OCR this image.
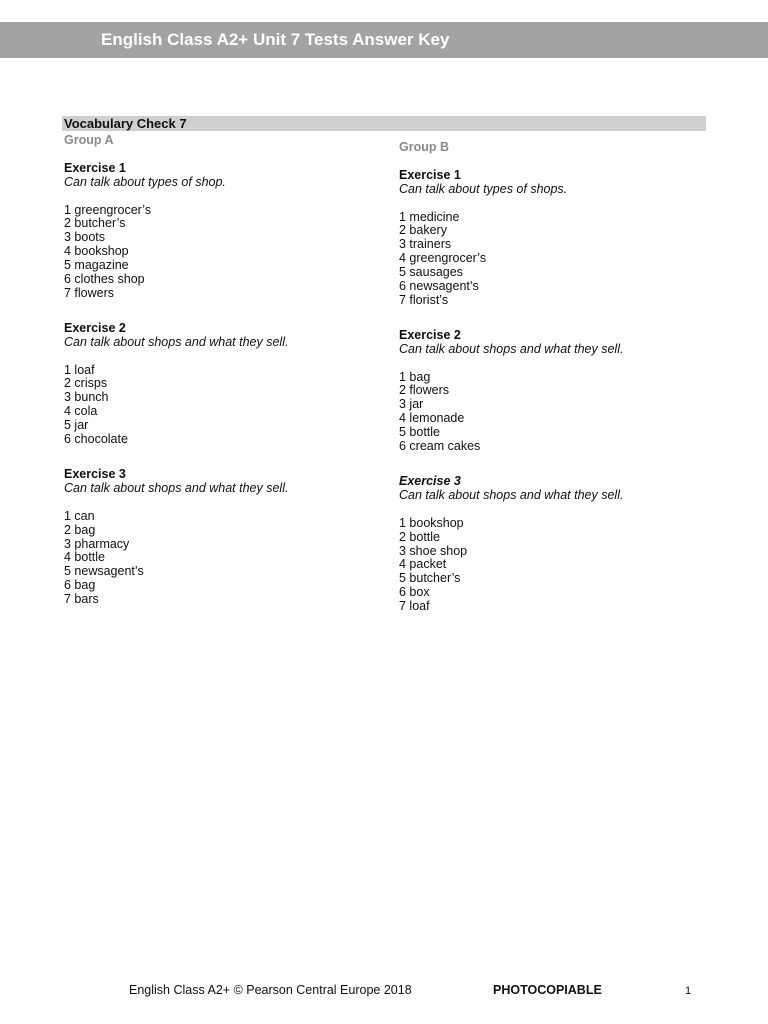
English Class A2+ Unit 7 Tests Answer Key
Vocabulary Check 7
Group A
Exercise 1
Can talk about types of shop.
1 greengrocer’s
2 butcher’s
3 boots
4 bookshop
5 magazine
6 clothes shop
7 flowers
Exercise 2
Can talk about shops and what they sell.
1 loaf
2 crisps
3 bunch
4 cola
5 jar
6 chocolate
Exercise 3
Can talk about shops and what they sell.
1 can
2 bag
3 pharmacy
4 bottle
5 newsagent’s
6 bag
7 bars
Group B
Exercise 1
Can talk about types of shops.
1 medicine
2 bakery
3 trainers
4 greengrocer’s
5 sausages
6 newsagent’s
7 florist’s
Exercise 2
Can talk about shops and what they sell.
1 bag
2 flowers
3 jar
4 lemonade
5 bottle
6 cream cakes
Exercise 3
Can talk about shops and what they sell.
1 bookshop
2 bottle
3 shoe shop
4 packet
5 butcher’s
6 box
7 loaf
English Class A2+ © Pearson Central Europe 2018	PHOTOCOPIABLE	1
